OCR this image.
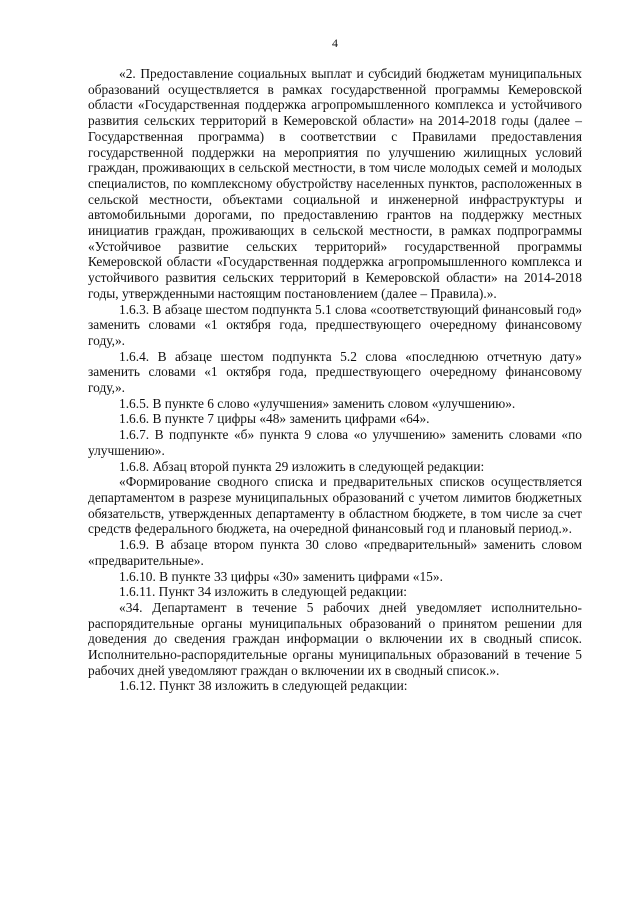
4

«2. Предоставление социальных выплат и субсидий бюджетам муниципальных образований осуществляется в рамках государственной программы Кемеровской области «Государственная поддержка агропромышленного комплекса и устойчивого развития сельских территорий в Кемеровской области» на 2014-2018 годы (далее – Государственная программа) в соответствии с Правилами предоставления государственной поддержки на мероприятия по улучшению жилищных условий граждан, проживающих в сельской местности, в том числе молодых семей и молодых специалистов, по комплексному обустройству населенных пунктов, расположенных в сельской местности, объектами социальной и инженерной инфраструктуры и автомобильными дорогами, по предоставлению грантов на поддержку местных инициатив граждан, проживающих в сельской местности, в рамках подпрограммы «Устойчивое развитие сельских территорий» государственной программы Кемеровской области «Государственная поддержка агропромышленного комплекса и устойчивого развития сельских территорий в Кемеровской области» на 2014-2018 годы, утвержденными настоящим постановлением (далее – Правила).».

1.6.3. В абзаце шестом подпункта 5.1 слова «соответствующий финансовый год» заменить словами «1 октября года, предшествующего очередному финансовому году,».

1.6.4. В абзаце шестом подпункта 5.2 слова «последнюю отчетную дату» заменить словами «1 октября года, предшествующего очередному финансовому году,».

1.6.5. В пункте 6 слово «улучшения» заменить словом «улучшению».

1.6.6. В пункте 7 цифры «48» заменить цифрами «64».

1.6.7. В подпункте «б» пункта 9 слова «о улучшению» заменить словами «по улучшению».

1.6.8. Абзац второй пункта 29 изложить в следующей редакции:

«Формирование сводного списка и предварительных списков осуществляется департаментом в разрезе муниципальных образований с учетом лимитов бюджетных обязательств, утвержденных департаменту в областном бюджете, в том числе за счет средств федерального бюджета, на очередной финансовый год и плановый период.».

1.6.9. В абзаце втором пункта 30 слово «предварительный» заменить словом «предварительные».

1.6.10. В пункте 33 цифры «30» заменить цифрами «15».

1.6.11. Пункт 34 изложить в следующей редакции:

«34. Департамент в течение 5 рабочих дней уведомляет исполнительно-распорядительные органы муниципальных образований о принятом решении для доведения до сведения граждан информации о включении их в сводный список. Исполнительно-распорядительные органы муниципальных образований в течение 5 рабочих дней уведомляют граждан о включении их в сводный список.».

1.6.12. Пункт 38 изложить в следующей редакции:
